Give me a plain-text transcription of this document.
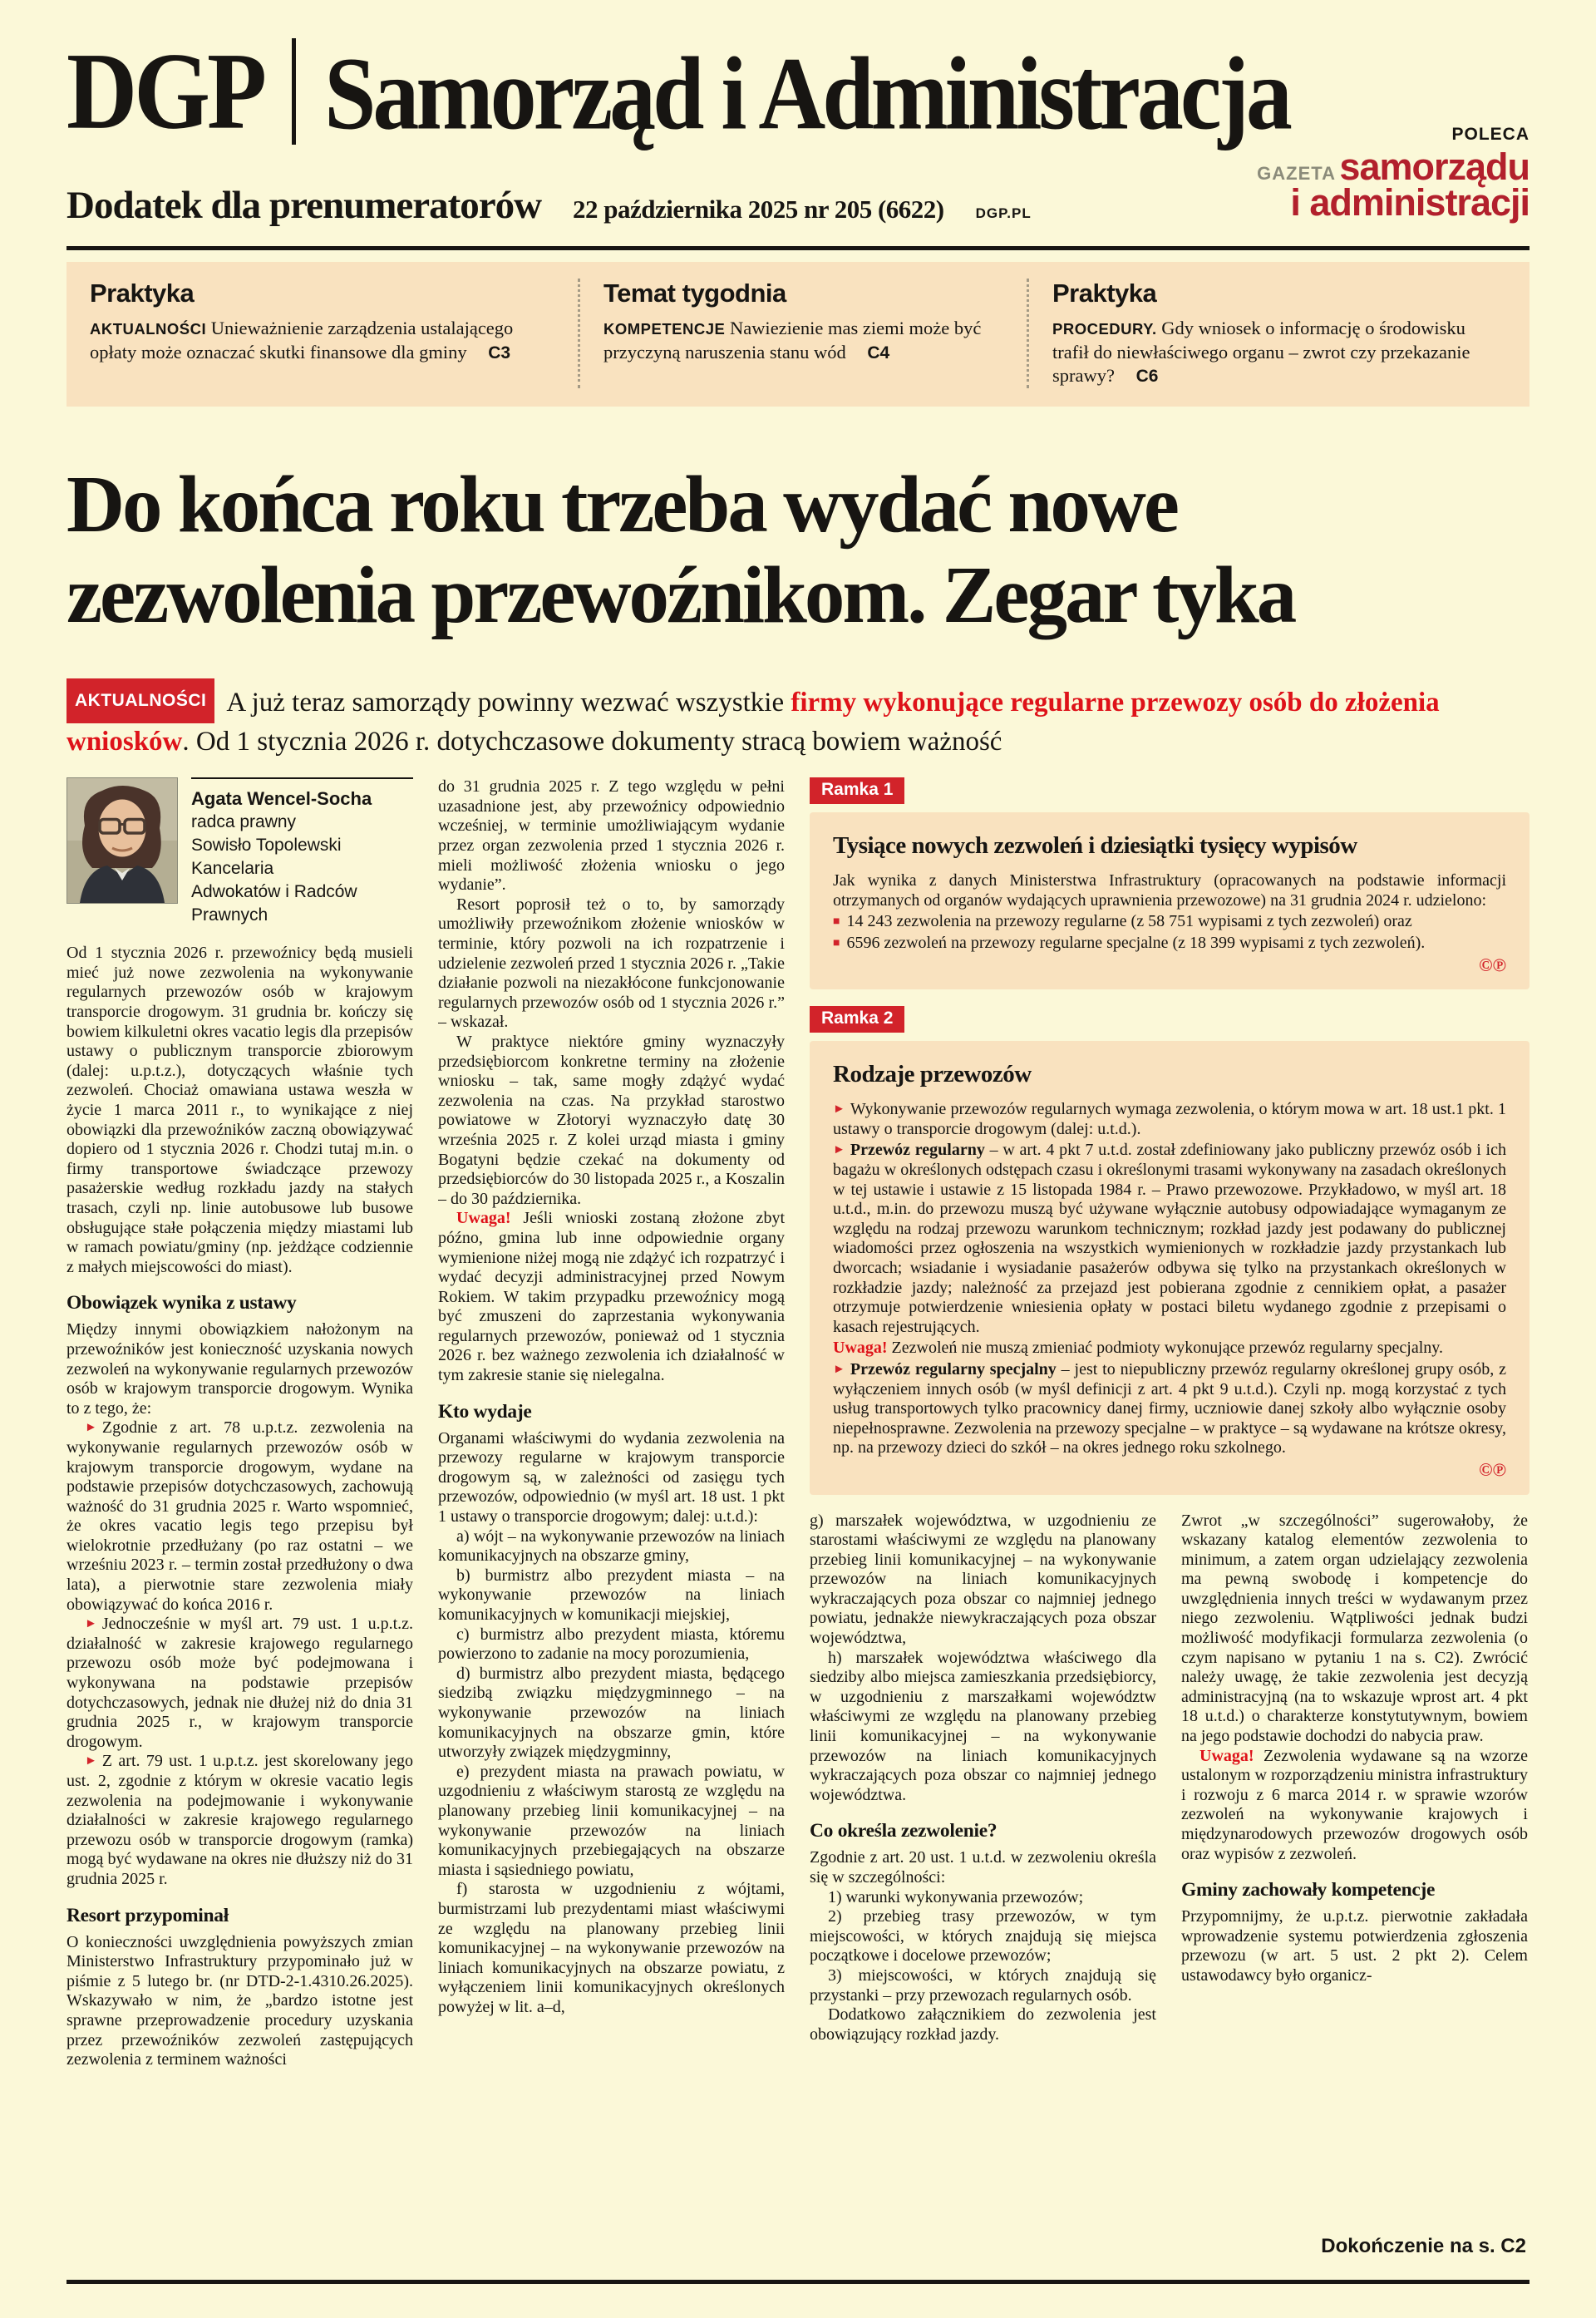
DGP Samorząd i Administracja	POLECA
GAZETA samorządu
i administracji
Dodatek dla prenumeratorów 22 października 2025 nr 205 (6622) DGP.PL
Praktyka
AKTUALNOŚCI Unieważnienie zarządzenia ustalającego opłaty może oznaczać skutki finansowe dla gminy C3
Temat tygodnia
KOMPETENCJE Nawiezienie mas ziemi może być przyczyną naruszenia stanu wód C4
Praktyka
PROCEDURY. Gdy wniosek o informację o środowisku trafił do niewłaściwego organu – zwrot czy przekazanie sprawy? C6
Do końca roku trzeba wydać nowe
zezwolenia przewoźnikom. Zegar tyka
AKTUALNOŚCI A już teraz samorządy powinny wezwać wszystkie firmy wykonujące regularne przewozy osób do złożenia wniosków. Od 1 stycznia 2026 r. dotychczasowe dokumenty stracą bowiem ważność
Agata Wencel-Socha
radca prawny
Sowisło Topolewski Kancelaria
Adwokatów i Radców Prawnych

Od 1 stycznia 2026 r. przewoźnicy będą musieli mieć już nowe zezwolenia na wykonywanie regularnych przewozów osób w krajowym transporcie drogowym. 31 grudnia br. kończy się bowiem kilkuletni okres vacatio legis dla przepisów ustawy o publicznym transporcie zbiorowym (dalej: u.p.t.z.), dotyczących właśnie tych zezwoleń. Chociaż omawiana ustawa weszła w życie 1 marca 2011 r., to wynikające z niej obowiązki dla przewoźników zaczną obowiązywać dopiero od 1 stycznia 2026 r. Chodzi tutaj m.in. o firmy transportowe świadczące przewozy pasażerskie według rozkładu jazdy na stałych trasach, czyli np. linie autobusowe lub busowe obsługujące stałe połączenia między miastami lub w ramach powiatu/gminy (np. jeżdżące codziennie z małych miejscowości do miast).

Obowiązek wynika z ustawy

Między innymi obowiązkiem nałożonym na przewoźników jest konieczność uzyskania nowych zezwoleń na wykonywanie regularnych przewozów osób w krajowym transporcie drogowym. Wynika to z tego, że:

► Zgodnie z art. 78 u.p.t.z. zezwolenia na wykonywanie regularnych przewozów osób w krajowym transporcie drogowym, wydane na podstawie przepisów dotychczasowych, zachowują ważność do 31 grudnia 2025 r. Warto wspomnieć, że okres vacatio legis tego przepisu był wielokrotnie przedłużany (po raz ostatni – we wrześniu 2023 r. – termin został przedłużony o dwa lata), a pierwotnie stare zezwolenia miały obowiązywać do końca 2016 r.

► Jednocześnie w myśl art. 79 ust. 1 u.p.t.z. działalność w zakresie krajowego regularnego przewozu osób może być podejmowana i wykonywana na podstawie przepisów dotychczasowych, jednak nie dłużej niż do dnia 31 grudnia 2025 r., w krajowym transporcie drogowym.

► Z art. 79 ust. 1 u.p.t.z. jest skorelowany jego ust. 2, zgodnie z którym w okresie vacatio legis zezwolenia na podejmowanie i wykonywanie działalności w zakresie krajowego regularnego przewozu osób w transporcie drogowym (ramka) mogą być wydawane na okres nie dłuższy niż do 31 grudnia 2025 r.

Resort przypominał

O konieczności uwzględnienia powyższych zmian Ministerstwo Infrastruktury przypominało już w piśmie z 5 lutego br. (nr DTD-2-1.4310.26.2025). Wskazywało w nim, że „bardzo istotne jest sprawne przeprowadzenie procedury uzyskania przez przewoźników zezwoleń zastępujących zezwolenia z terminem ważności

do 31 grudnia 2025 r. Z tego względu w pełni uzasadnione jest, aby przewoźnicy odpowiednio wcześniej, w terminie umożliwiającym wydanie przez organ zezwolenia przed 1 stycznia 2026 r. mieli możliwość złożenia wniosku o jego wydanie”.

Resort poprosił też o to, by samorządy umożliwiły przewoźnikom złożenie wniosków w terminie, który pozwoli na ich rozpatrzenie i udzielenie zezwoleń przed 1 stycznia 2026 r. „Takie działanie pozwoli na niezakłócone funkcjonowanie regularnych przewozów osób od 1 stycznia 2026 r.” – wskazał.

W praktyce niektóre gminy wyznaczyły przedsiębiorcom konkretne terminy na złożenie wniosku – tak, same mogły zdążyć wydać zezwolenia na czas. Na przykład starostwo powiatowe w Złotoryi wyznaczyło datę 30 września 2025 r. Z kolei urząd miasta i gminy Bogatyni będzie czekać na dokumenty od przedsiębiorców do 30 listopada 2025 r., a Koszalin – do 30 października.

Uwaga! Jeśli wnioski zostaną złożone zbyt późno, gmina lub inne odpowiednie organy wymienione niżej mogą nie zdążyć ich rozpatrzyć i wydać decyzji administracyjnej przed Nowym Rokiem. W takim przypadku przewoźnicy mogą być zmuszeni do zaprzestania wykonywania regularnych przewozów, ponieważ od 1 stycznia 2026 r. bez ważnego zezwolenia ich działalność w tym zakresie stanie się nielegalna.

Kto wydaje

Organami właściwymi do wydania zezwolenia na przewozy regularne w krajowym transporcie drogowym są, w zależności od zasięgu tych przewozów, odpowiednio (w myśl art. 18 ust. 1 pkt 1 ustawy o transporcie drogowym; dalej: u.t.d.):

a) wójt – na wykonywanie przewozów na liniach komunikacyjnych na obszarze gminy,

b) burmistrz albo prezydent miasta – na wykonywanie przewozów na liniach komunikacyjnych w komunikacji miejskiej,

c) burmistrz albo prezydent miasta, któremu powierzono to zadanie na mocy porozumienia,

d) burmistrz albo prezydent miasta, będącego siedzibą związku międzygminnego – na wykonywanie przewozów na liniach komunikacyjnych na obszarze gmin, które utworzyły związek międzygminny,

e) prezydent miasta na prawach powiatu, w uzgodnieniu z właściwym starostą ze względu na planowany przebieg linii komunikacyjnej – na wykonywanie przewozów na liniach komunikacyjnych przebiegających na obszarze miasta i sąsiedniego powiatu,

f) starosta w uzgodnieniu z wójtami, burmistrzami lub prezydentami miast właściwymi ze względu na planowany przebieg linii komunikacyjnej – na wykonywanie przewozów na liniach komunikacyjnych na obszarze powiatu, z wyłączeniem linii komunikacyjnych określonych powyżej w lit. a–d,

Ramka 1
Tysiące nowych zezwoleń i dziesiątki tysięcy wypisów

Jak wynika z danych Ministerstwa Infrastruktury (opracowanych na podstawie informacji otrzymanych od organów wydających uprawnienia przewozowe) na 31 grudnia 2024 r. udzielono:

■ 14 243 zezwolenia na przewozy regularne (z 58 751 wypisami z tych zezwoleń) oraz

■ 6596 zezwoleń na przewozy regularne specjalne (z 18 399 wypisami z tych zezwoleń).

©℗

Ramka 2
Rodzaje przewozów

► Wykonywanie przewozów regularnych wymaga zezwolenia, o którym mowa w art. 18 ust.1 pkt. 1 ustawy o transporcie drogowym (dalej: u.t.d.).

► Przewóz regularny – w art. 4 pkt 7 u.t.d. został zdefiniowany jako publiczny przewóz osób i ich bagażu w określonych odstępach czasu i określonymi trasami wykonywany na zasadach określonych w tej ustawie i ustawie z 15 listopada 1984 r. – Prawo przewozowe. Przykładowo, w myśl art. 18 u.t.d., m.in. do przewozu muszą być używane wyłącznie autobusy odpowiadające wymaganym ze względu na rodzaj przewozu warunkom technicznym; rozkład jazdy jest podawany do publicznej wiadomości przez ogłoszenia na wszystkich wymienionych w rozkładzie jazdy przystankach lub dworcach; wsiadanie i wysiadanie pasażerów odbywa się tylko na przystankach określonych w rozkładzie jazdy; należność za przejazd jest pobierana zgodnie z cennikiem opłat, a pasażer otrzymuje potwierdzenie wniesienia opłaty w postaci biletu wydanego zgodnie z przepisami o kasach rejestrujących.

Uwaga! Zezwoleń nie muszą zmieniać podmioty wykonujące przewóz regularny specjalny.

► Przewóz regularny specjalny – jest to niepubliczny przewóz regularny określonej grupy osób, z wyłączeniem innych osób (w myśl definicji z art. 4 pkt 9 u.t.d.). Czyli np. mogą korzystać z tych usług transportowych tylko pracownicy danej firmy, uczniowie danej szkoły albo wyłącznie osoby niepełnosprawne. Zezwolenia na przewozy specjalne – w praktyce – są wydawane na krótsze okresy, np. na przewozy dzieci do szkół – na okres jednego roku szkolnego.

©℗

g) marszałek województwa, w uzgodnieniu ze starostami właściwymi ze względu na planowany przebieg linii komunikacyjnej – na wykonywanie przewozów na liniach komunikacyjnych wykraczających poza obszar co najmniej jednego powiatu, jednakże niewykraczających poza obszar województwa,

h) marszałek województwa właściwego dla siedziby albo miejsca zamieszkania przedsiębiorcy, w uzgodnieniu z marszałkami województw właściwymi ze względu na planowany przebieg linii komunikacyjnej – na wykonywanie przewozów na liniach komunikacyjnych wykraczających poza obszar co najmniej jednego województwa.

Co określa zezwolenie?

Zgodnie z art. 20 ust. 1 u.t.d. w zezwoleniu określa się w szczególności:

1) warunki wykonywania przewozów;

2) przebieg trasy przewozów, w tym miejscowości, w których znajdują się miejsca początkowe i docelowe przewozów;

3) miejscowości, w których znajdują się przystanki – przy przewozach regularnych osób.

Dodatkowo załącznikiem do zezwolenia jest obowiązujący rozkład jazdy.

Zwrot „w szczególności” sugerowałoby, że wskazany katalog elementów zezwolenia to minimum, a zatem organ udzielający zezwolenia ma pewną swobodę i kompetencje do uwzględnienia innych treści w wydawanym przez niego zezwoleniu. Wątpliwości jednak budzi możliwość modyfikacji formularza zezwolenia (o czym napisano w pytaniu 1 na s. C2). Zwrócić należy uwagę, że takie zezwolenia jest decyzją administracyjną (na to wskazuje wprost art. 4 pkt 18 u.t.d.) o charakterze konstytutywnym, bowiem na jego podstawie dochodzi do nabycia praw.

Uwaga! Zezwolenia wydawane są na wzorze ustalonym w rozporządzeniu ministra infrastruktury i rozwoju z 6 marca 2014 r. w sprawie wzorów zezwoleń na wykonywanie krajowych i międzynarodowych przewozów drogowych osób oraz wypisów z zezwoleń.

Gminy zachowały kompetencje

Przypomnijmy, że u.p.t.z. pierwotnie zakładała wprowadzenie systemu potwierdzenia zgłoszenia przewozu (w art. 5 ust. 2 pkt 2). Celem ustawodawcy było organicz-

Dokończenie na s. C2
